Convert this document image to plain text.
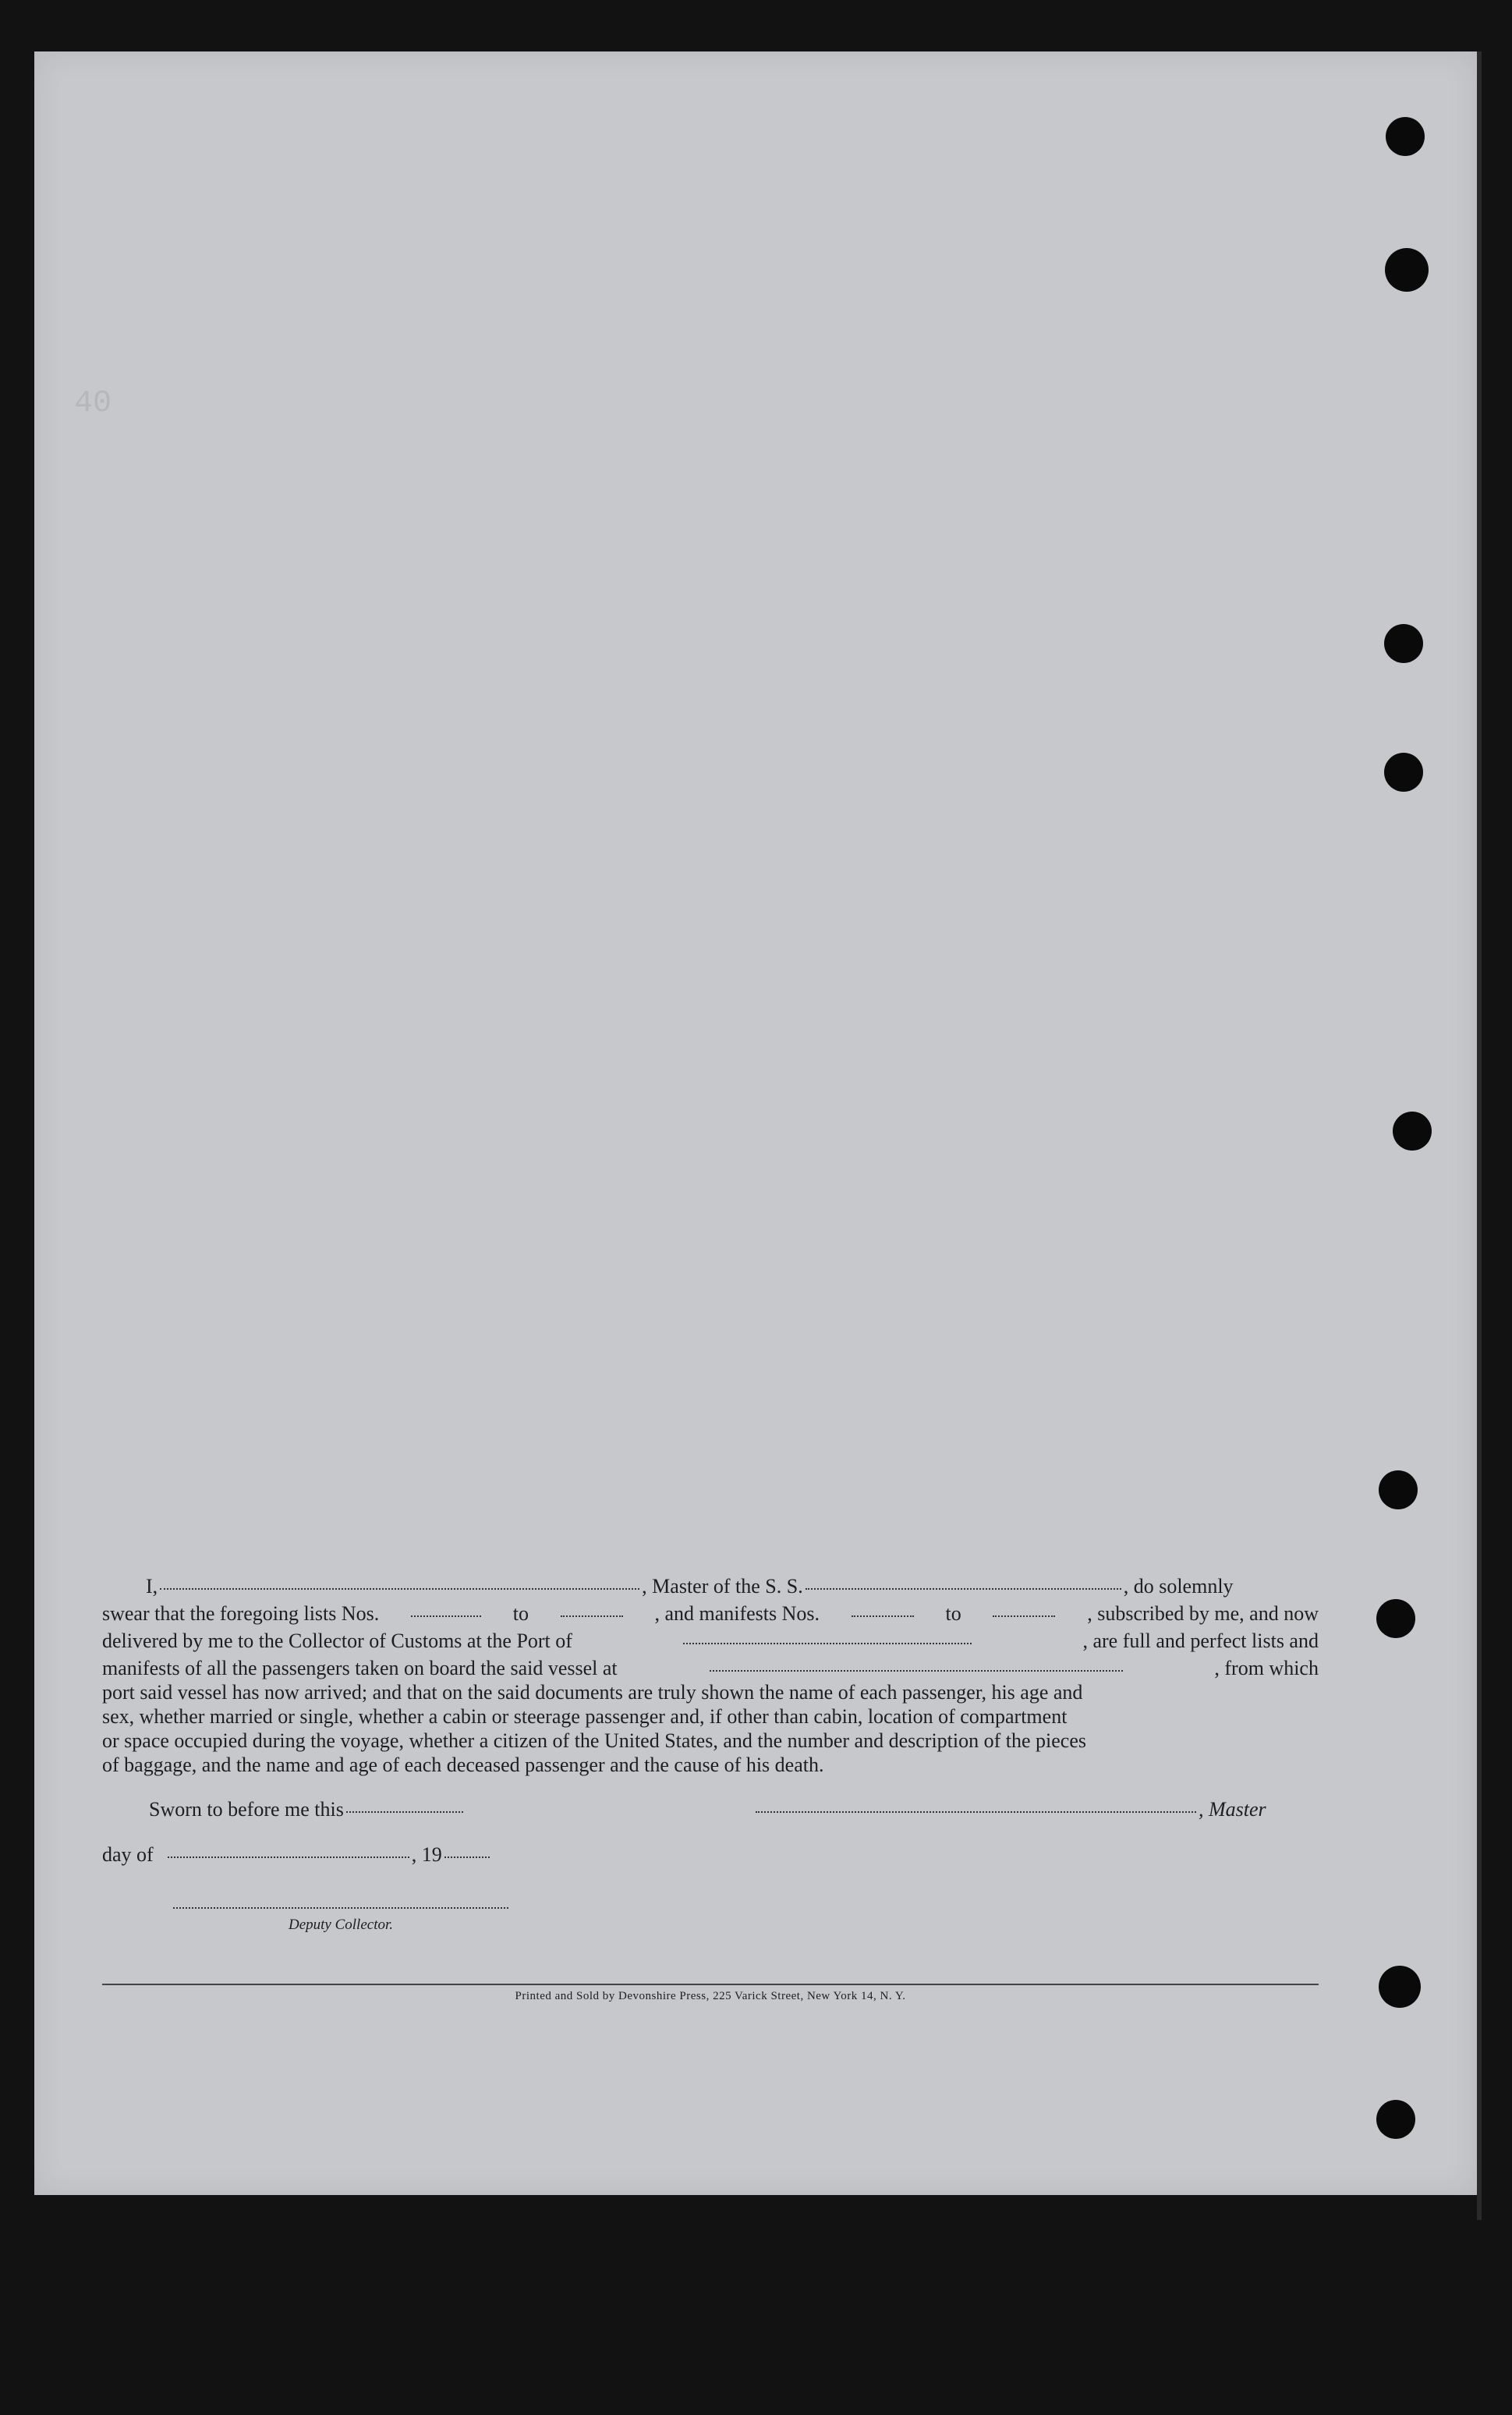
40
I,	, Master of the S. S.	, do solemnly
swear that the foregoing lists Nos.	to	, and manifests Nos.	to	, subscribed by me, and now
delivered by me to the Collector of Customs at the Port of	, are full and perfect lists and
manifests of all the passengers taken on board the said vessel at	, from which
port said vessel has now arrived; and that on the said documents are truly shown the name of each passenger, his age and
sex, whether married or single, whether a cabin or steerage passenger and, if other than cabin, location of compartment
or space occupied during the voyage, whether a citizen of the United States, and the number and description of the pieces
of baggage, and the name and age of each deceased passenger and the cause of his death.
Sworn to before me this	, Master
day of	, 19
Deputy Collector.
Printed and Sold by Devonshire Press, 225 Varick Street, New York 14, N. Y.
